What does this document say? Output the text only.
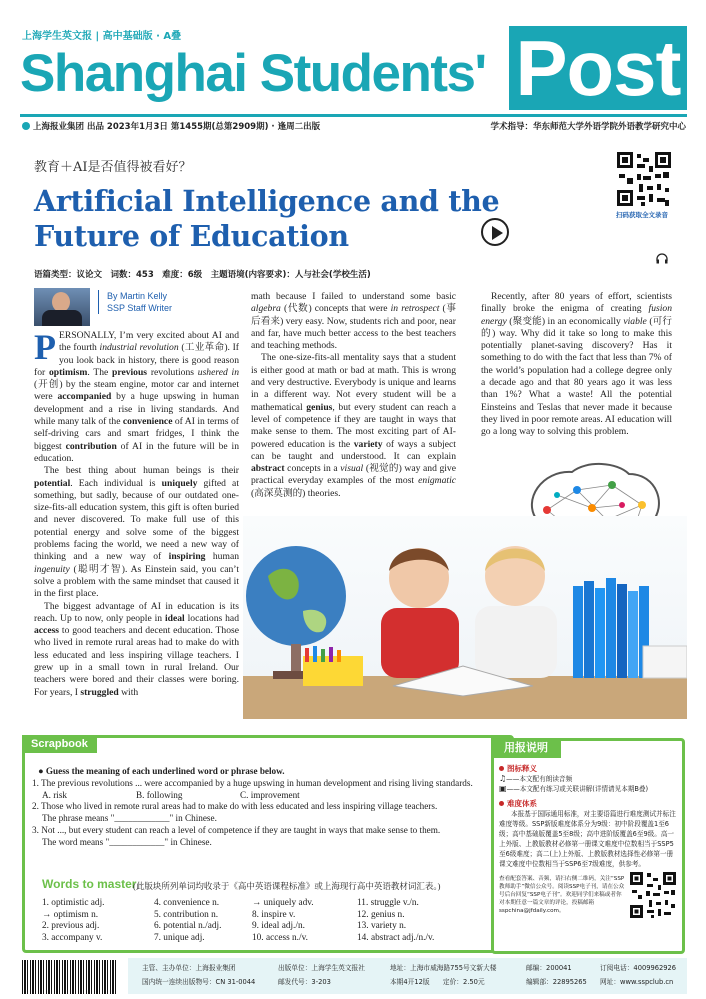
上海学生英文报 | 高中基础版 · A叠
Shanghai Students' Post
上海报业集团 出品 2023年1月3日 第1455期(总第2909期) · 逢周二出版	学术指导：华东师范大学外语学院外语教学研究中心
教育＋AI是否值得被看好？
Artificial Intelligence and the Future of Education
扫码获取全文录音
语篇类型：议论文　词数：453　难度：6级　主题语境(内容要求)：人与社会(学校生活)
By Martin Kelly
SSP Staff Writer

PERSONALLY, I’m very excited about AI and the fourth industrial revolution (工业革命). If you look back in history, there is good reason for optimism. The previous revolutions ushered in (开创) by the steam engine, motor car and internet were accompanied by a huge upswing in human development and a rise in living standards. And while many talk of the convenience of AI in terms of self-driving cars and smart fridges, I think the biggest contribution of AI in the future will be in education.

The best thing about human beings is their potential. Each individual is uniquely gifted at something, but sadly, because of our outdated one-size-fits-all education system, this gift is often buried and never discovered. To make full use of this potential energy and solve some of the biggest problems facing the world, we need a new way of thinking and a new way of inspiring human ingenuity (聪明才智). As Einstein said, you can’t solve a problem with the same mindset that caused it in the first place.

The biggest advantage of AI in education is its reach. Up to now, only people in ideal locations had access to good teachers and decent education. Those who lived in remote rural areas had to make do with less educated and less inspiring village teachers. I grew up in a small town in rural Ireland. Our teachers were bored and their classes were boring. For years, I struggled with

math because I failed to understand some basic algebra (代数) concepts that were in retrospect (事后看来) very easy. Now, students rich and poor, near and far, have much better access to the best teachers and teaching methods.

The one-size-fits-all mentality says that a student is either good at math or bad at math. This is wrong and very destructive. Everybody is unique and learns in a different way. Not every student will be a mathematical genius, but every student can reach a level of competence if they are taught in ways that make sense to them. The most exciting part of AI-powered education is the variety of ways a subject can be taught and understood. It can explain abstract concepts in a visual (视觉的) way and give practical everyday examples of the most enigmatic (高深莫测的) theories.

Recently, after 80 years of effort, scientists finally broke the enigma of creating fusion energy (聚变能) in an economically viable (可行的) way. Why did it take so long to make this potentially planet-saving discovery? Has it something to do with the fact that less than 7% of the world’s population had a college degree only a decade ago and that 80 years ago it was less than 1%? What a waste! All the potential Einsteins and Teslas that never made it because they lived in poor remote areas. AI education will go a long way to solving this problem.

Scrapbook
● Guess the meaning of each underlined word or phrase below.
1. The previous revolutions ... were accompanied by a huge upswing in human development and rising living standards.
A. risk	B. following	C. improvement
2. Those who lived in remote rural areas had to make do with less educated and less inspiring village teachers.
The phrase means "____________" in Chinese.
3. Not ..., but every student can reach a level of competence if they are taught in ways that make sense to them.
The word means "____________" in Chinese.
Words to master
(此版块所列单词均收录于《高中英语课程标准》或上海现行高中英语教材词汇表。)
1. optimistic adj.
→ optimism n.
2. previous adj.
3. accompany v.
4. convenience n.
5. contribution n.
6. potential n./adj.
7. unique adj.
→ uniquely adv.
8. inspire v.
9. ideal adj./n.
10. access n./v.
11. struggle v./n.
12. genius n.
13. variety n.
14. abstract adj./n./v.
用报说明
图标释义
♫——本文配有朗读音频
▣——本文配有练习或关联讲解(详情请见本期B叠)
难度体系
本报基于国际通用标准，对主要语篇进行难度测试并标注难度等级。SSP新版难度体系分为9级：初中阶段覆盖1至6级；高中基础版覆盖5至8级；高中进阶版覆盖6至9级。高一上外版、上教版教材必修第一册课文难度中位数相当于SSP5至6级难度；高二(上)上外版、上教版教材选择性必修第一册课文难度中位数相当于SSP6至7级难度，供参考。
查看配套答案、音频，请扫右侧二维码，关注“SSP教师助手”微信公众号。阅读SSP电子刊，请在公众号后台回复“SSP电子刊”。欢迎同学们来稿或者你对本期任意一篇文章的评论，投稿邮箱sspchina@jfdaily.com。
主管、主办单位：上海报业集团
国内统一连续出版物号：CN 31-0044
出版单位：上海学生英文报社
邮发代号：3-203
地址：上海市威海路755号文新大楼
本期4开12版　　定价：2.50元
邮编：200041
编辑部：22895265
订阅电话：4009962926
网址：www.sspclub.cn
